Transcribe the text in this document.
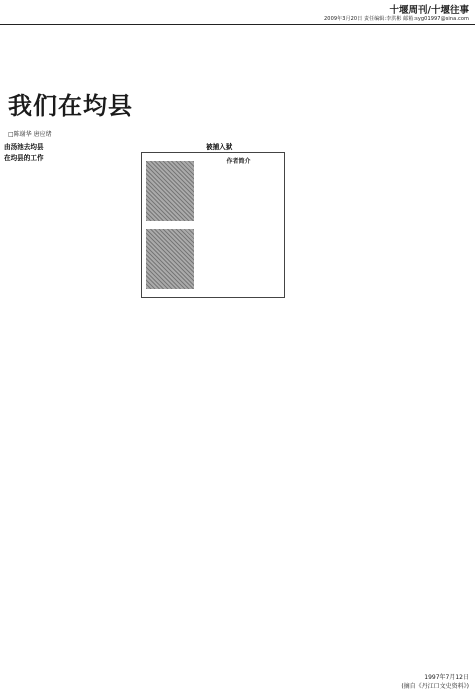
十堰周刊/十堰往事
2009年3月20日 责任编辑:李洪彬 邮箱:syg01997@sina.com
我们在均县
□陈谢华 唐应绪
由汤池去均县
在均县的工作
被捕入狱
作者简介
1997年7月12日
(摘自《丹江口文史资料》)
